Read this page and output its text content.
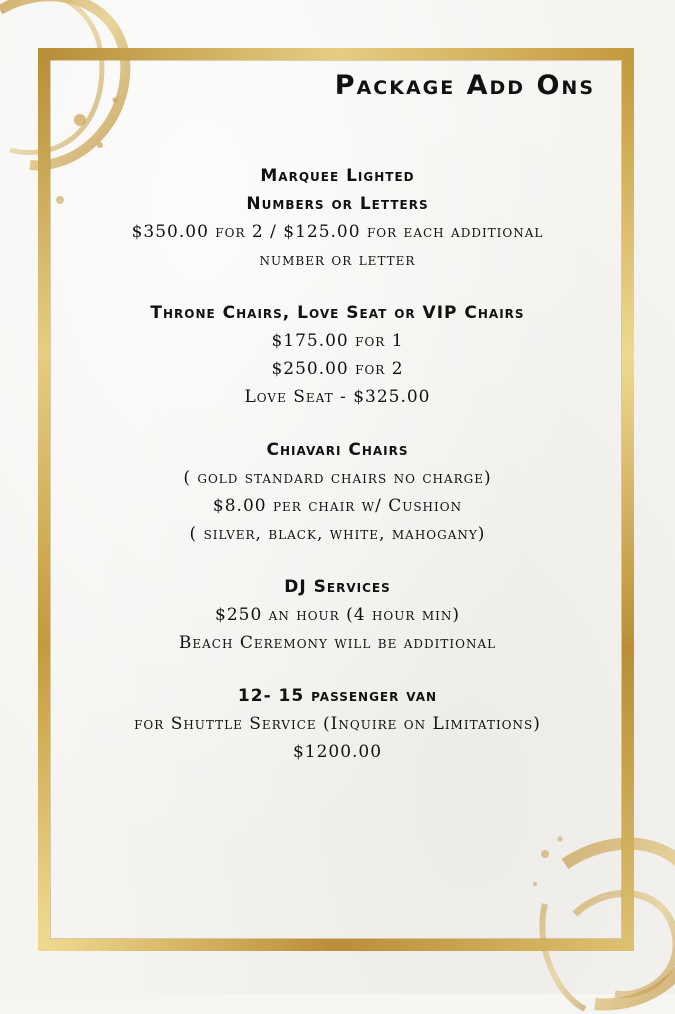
Package Add Ons

Marquee Lighted

Numbers or Letters

$350.00 for 2 / $125.00 for each additional

number or letter

Throne Chairs, Love Seat or VIP Chairs

$175.00 for 1

$250.00 for 2

Love Seat - $325.00

Chiavari Chairs

( gold standard chairs no charge)

$8.00 per chair w/ Cushion

( silver, black, white, mahogany)

DJ Services

$250 an hour (4 hour min)

Beach Ceremony will be additional

12- 15 passenger van

for Shuttle Service (Inquire on Limitations)

$1200.00
